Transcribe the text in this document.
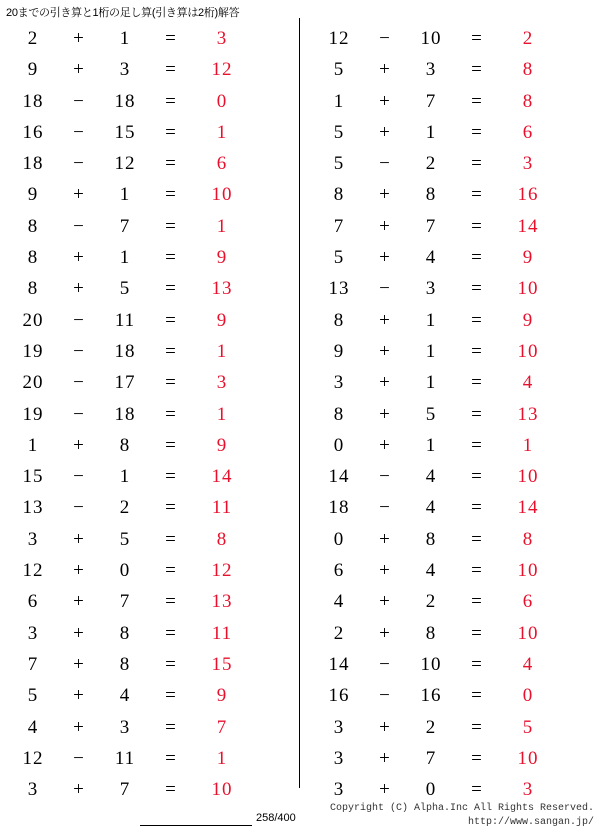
20までの引き算と1桁の足し算(引き算は2桁)解答
2	+	1	=	3
9	+	3	=	12
18	−	18	=	0
16	−	15	=	1
18	−	12	=	6
9	+	1	=	10
8	−	7	=	1
8	+	1	=	9
8	+	5	=	13
20	−	11	=	9
19	−	18	=	1
20	−	17	=	3
19	−	18	=	1
1	+	8	=	9
15	−	1	=	14
13	−	2	=	11
3	+	5	=	8
12	+	0	=	12
6	+	7	=	13
3	+	8	=	11
7	+	8	=	15
5	+	4	=	9
4	+	3	=	7
12	−	11	=	1
3	+	7	=	10
12	−	10	=	2
5	+	3	=	8
1	+	7	=	8
5	+	1	=	6
5	−	2	=	3
8	+	8	=	16
7	+	7	=	14
5	+	4	=	9
13	−	3	=	10
8	+	1	=	9
9	+	1	=	10
3	+	1	=	4
8	+	5	=	13
0	+	1	=	1
14	−	4	=	10
18	−	4	=	14
0	+	8	=	8
6	+	4	=	10
4	+	2	=	6
2	+	8	=	10
14	−	10	=	4
16	−	16	=	0
3	+	2	=	5
3	+	7	=	10
3	+	0	=	3
258/400
Copyright (C) Alpha.Inc All Rights Reserved.
http://www.sangan.jp/
